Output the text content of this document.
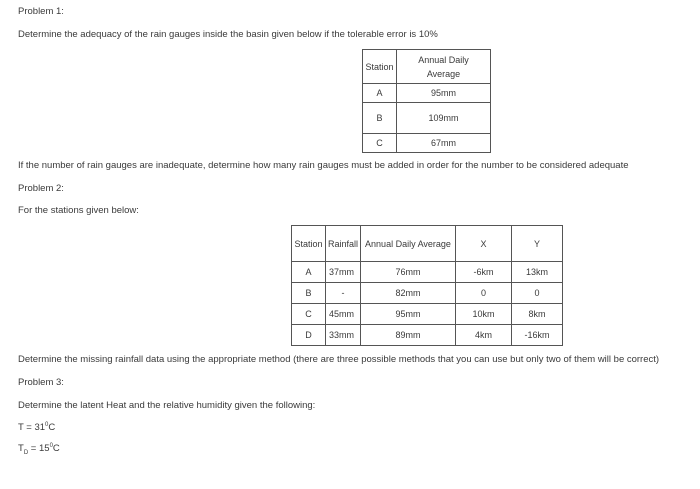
Problem 1:
Determine the adequacy of the rain gauges inside the basin given below if the tolerable error is 10%
Station	Annual Daily
Average
A	95mm
B	109mm
C	67mm
If the number of rain gauges are inadequate, determine how many rain gauges must be added in order for the number to be considered adequate
Problem 2:
For the stations given below:
Station	Rainfall	Annual Daily Average	X	Y
A	37mm	76mm	-6km	13km
B	-	82mm	0	0
C	45mm	95mm	10km	8km
D	33mm	89mm	4km	-16km
Determine the missing rainfall data using the appropriate method (there are three possible methods that you can use but only two of them will be correct)
Problem 3:
Determine the latent Heat and the relative humidity given the following:
$T = 31^0C$
$T_D = 15^0C$
